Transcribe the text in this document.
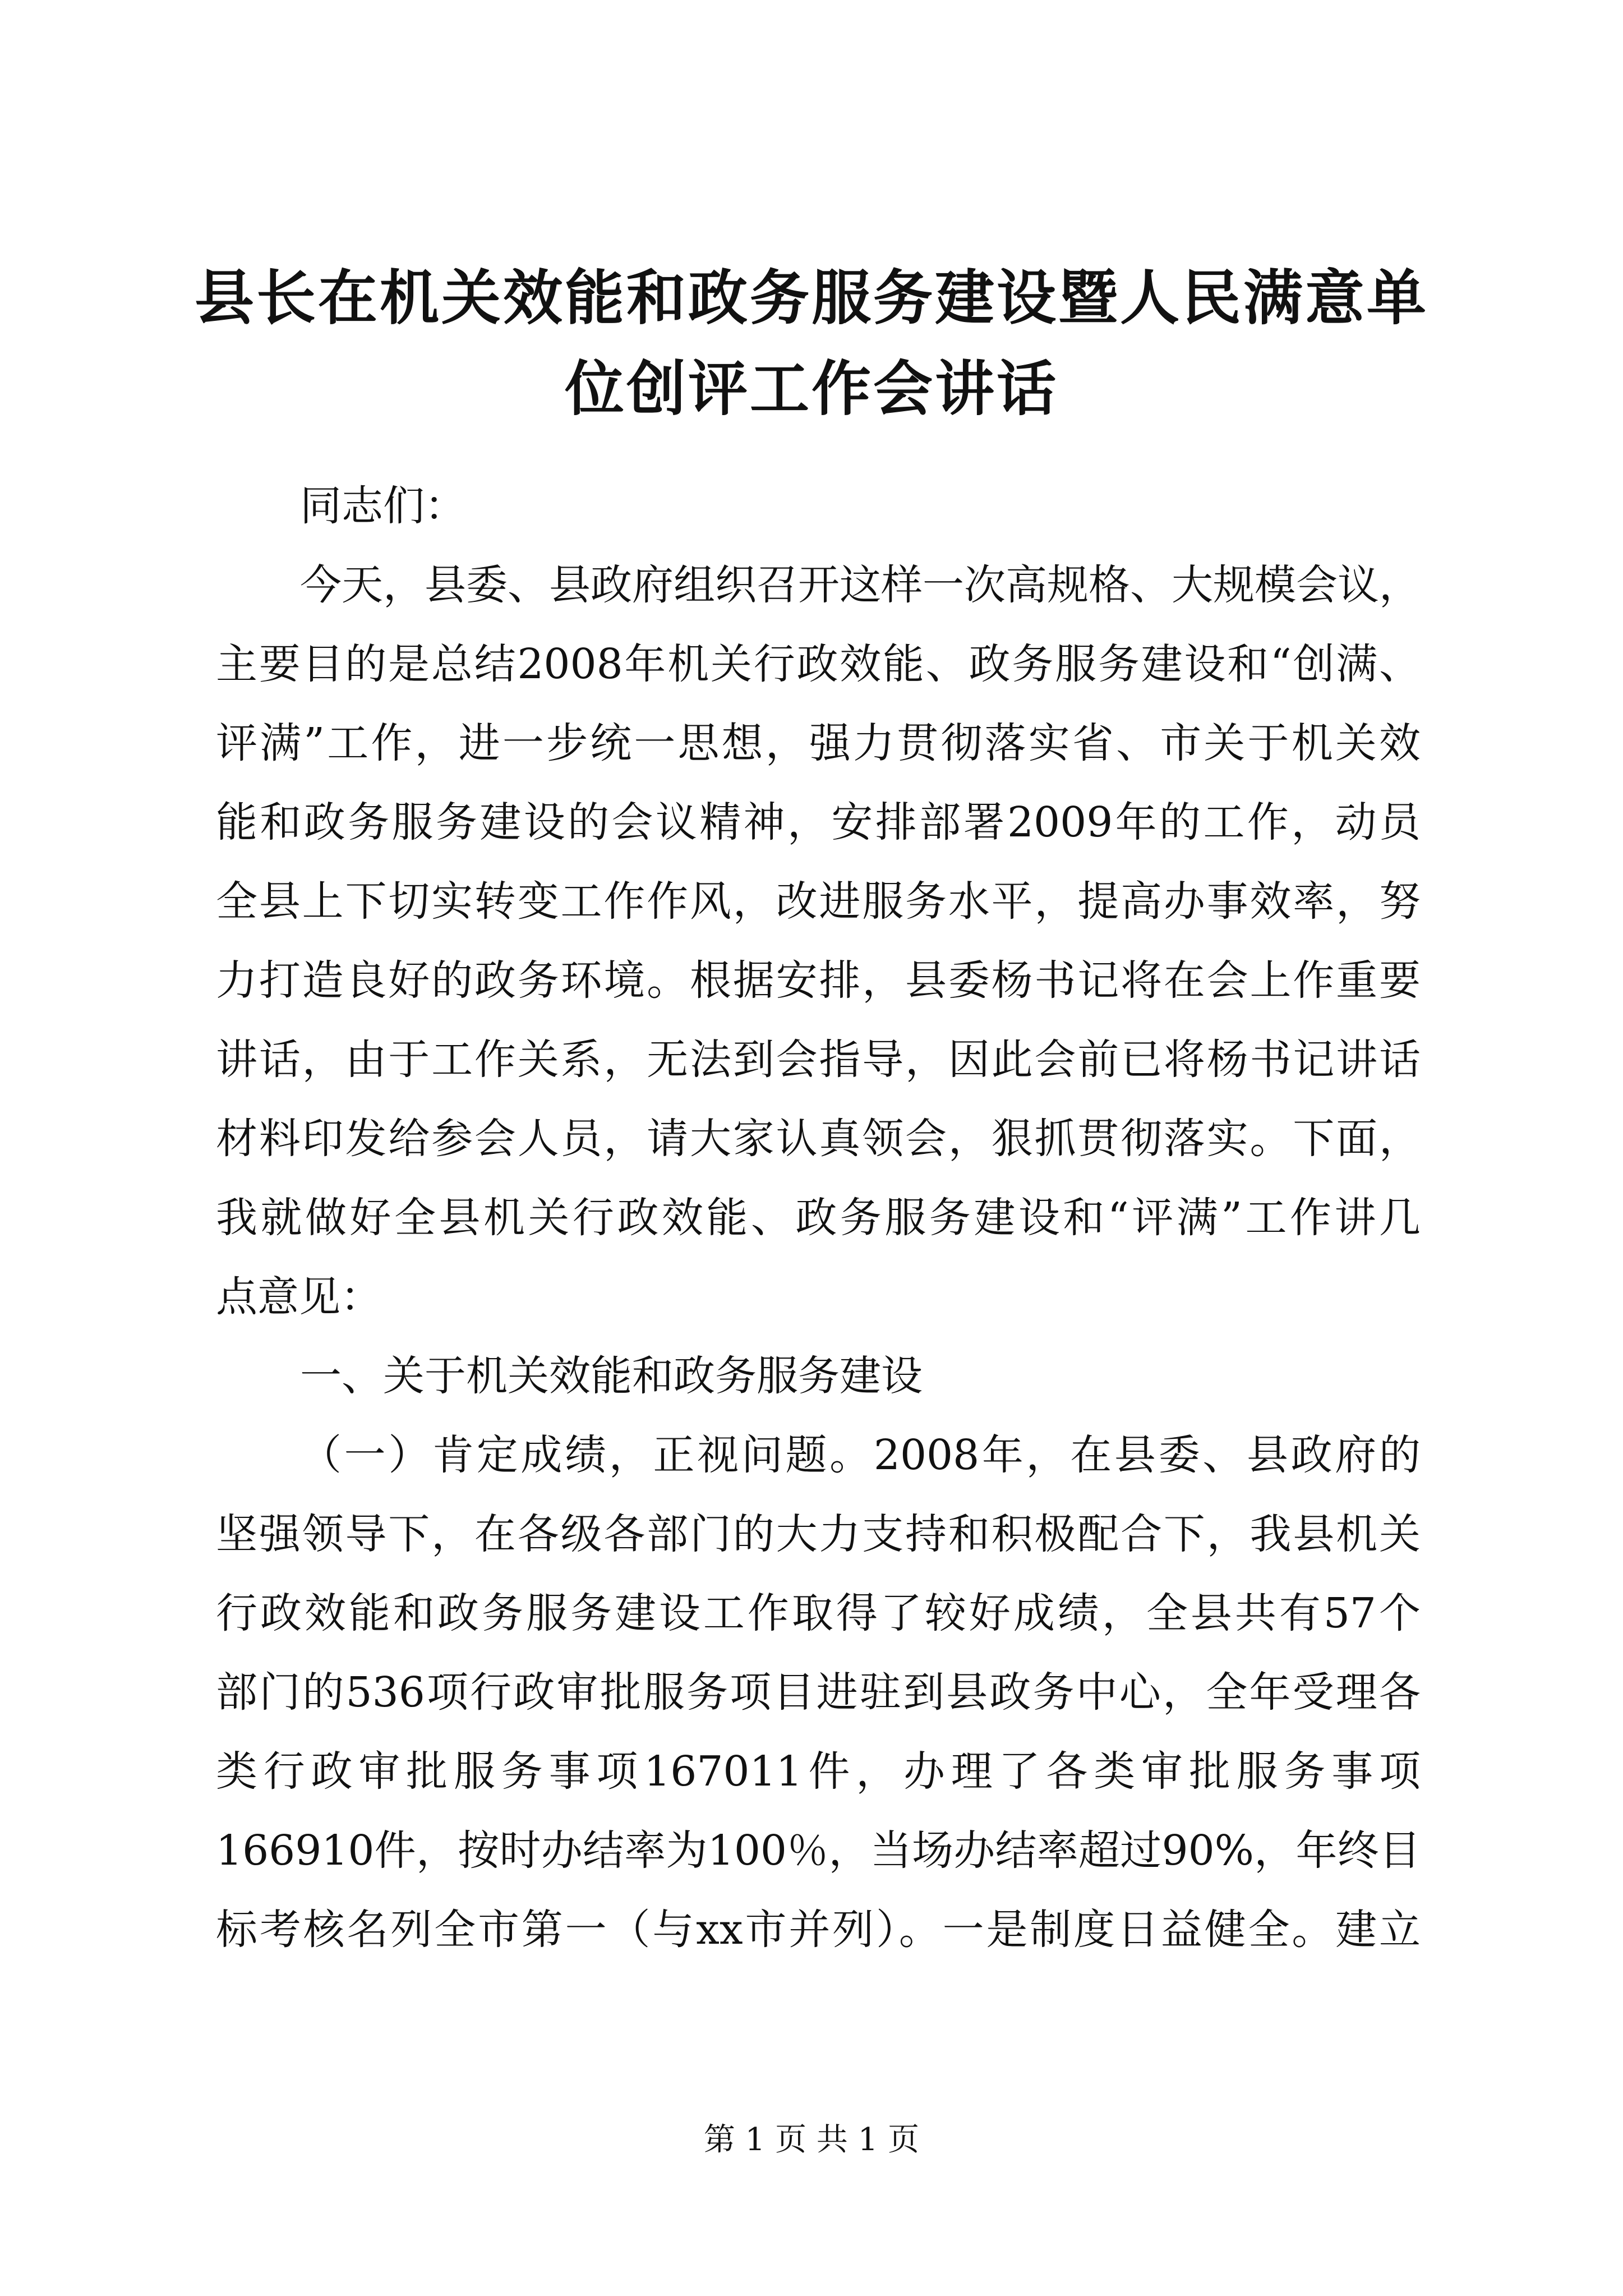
县长在机关效能和政务服务建设暨人民满意单
位创评工作会讲话
同志们：
今天，县委、县政府组织召开这样一次高规格、大规模会议，
主要目的是总结2008年机关行政效能、政务服务建设和“创满、
评满”工作，进一步统一思想，强力贯彻落实省、市关于机关效
能和政务服务建设的会议精神，安排部署2009年的工作，动员
全县上下切实转变工作作风，改进服务水平，提高办事效率，努
力打造良好的政务环境。根据安排，县委杨书记将在会上作重要
讲话，由于工作关系，无法到会指导，因此会前已将杨书记讲话
材料印发给参会人员，请大家认真领会，狠抓贯彻落实。下面，
我就做好全县机关行政效能、政务服务建设和“评满”工作讲几
点意见：
一、关于机关效能和政务服务建设
（一）肯定成绩，正视问题。2008年，在县委、县政府的
坚强领导下，在各级各部门的大力支持和积极配合下，我县机关
行政效能和政务服务建设工作取得了较好成绩，全县共有57个
部门的536项行政审批服务项目进驻到县政务中心，全年受理各
类行政审批服务事项167011件，办理了各类审批服务事项
166910件，按时办结率为100％，当场办结率超过90%，年终目
标考核名列全市第一（与xx市并列）。一是制度日益健全。建立
第 1 页 共 1 页
